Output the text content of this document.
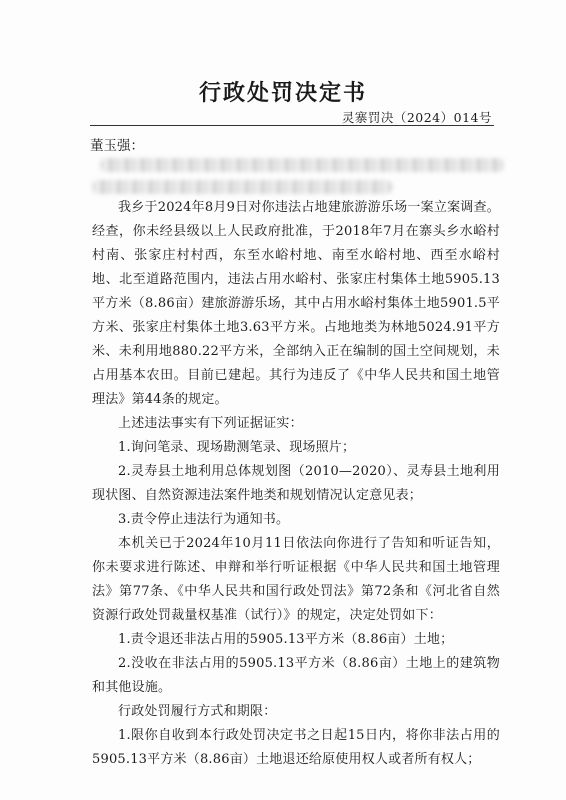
行政处罚决定书
灵寨罚决（2024）014号
董玉强：

我乡于2024年8月9日对你违法占地建旅游游乐场一案立案调查。经查，你未经县级以上人民政府批准，于2018年7月在寨头乡水峪村村南、张家庄村村西，东至水峪村地、南至水峪村地、西至水峪村地、北至道路范围内，违法占用水峪村、张家庄村集体土地5905.13平方米（8.86亩）建旅游游乐场，其中占用水峪村集体土地5901.5平方米、张家庄村集体土地3.63平方米。占地地类为林地5024.91平方米、未利用地880.22平方米，全部纳入正在编制的国土空间规划，未占用基本农田。目前已建起。其行为违反了《中华人民共和国土地管理法》第44条的规定。

上述违法事实有下列证据证实：

1.询问笔录、现场勘测笔录、现场照片；

2.灵寿县土地利用总体规划图（2010—2020）、灵寿县土地利用现状图、自然资源违法案件地类和规划情况认定意见表；

3.责令停止违法行为通知书。

本机关已于2024年10月11日依法向你进行了告知和听证告知，你未要求进行陈述、申辩和举行听证根据《中华人民共和国土地管理法》第77条、《中华人民共和国行政处罚法》第72条和《河北省自然资源行政处罚裁量权基准（试行）》的规定，决定处罚如下：

1.责令退还非法占用的5905.13平方米（8.86亩）土地；

2.没收在非法占用的5905.13平方米（8.86亩）土地上的建筑物和其他设施。

行政处罚履行方式和期限：

1.限你自收到本行政处罚决定书之日起15日内，将你非法占用的5905.13平方米（8.86亩）土地退还给原使用权人或者所有权人；
